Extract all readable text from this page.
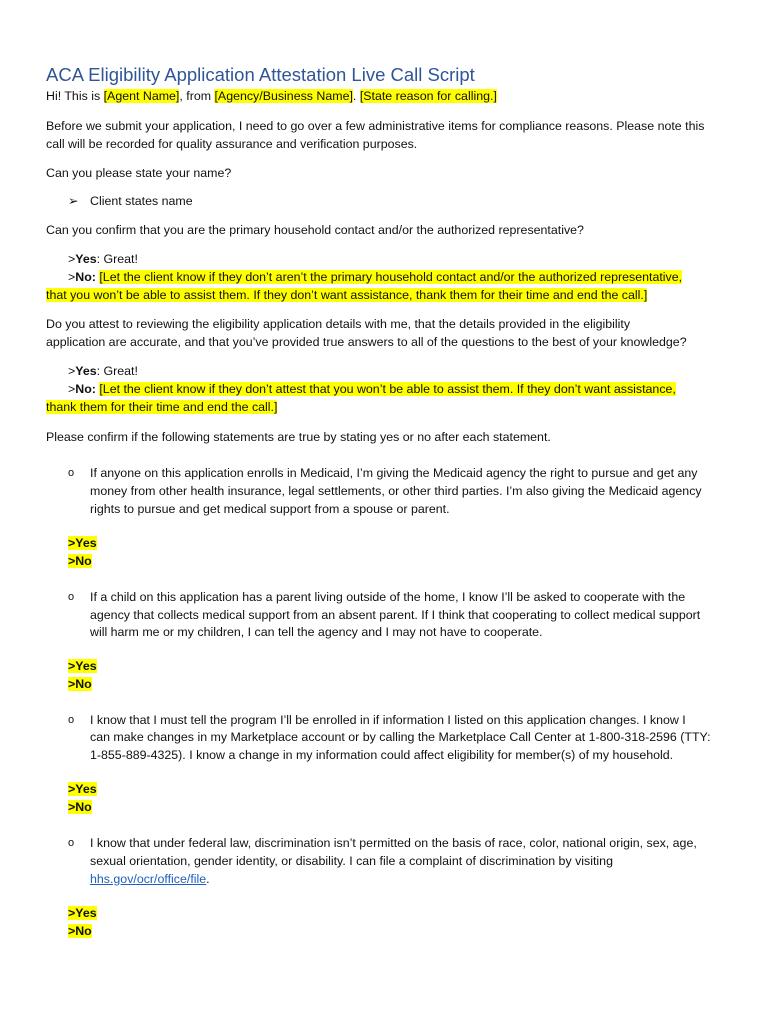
ACA Eligibility Application Attestation Live Call Script

Hi! This is [Agent Name], from [Agency/Business Name]. [State reason for calling.]

Before we submit your application, I need to go over a few administrative items for compliance reasons. Please note this

call will be recorded for quality assurance and verification purposes.

Can you please state your name?

➢ Client states name

Can you confirm that you are the primary household contact and/or the authorized representative?

>Yes: Great!

>No: [Let the client know if they don’t aren’t the primary household contact and/or the authorized representative,

that you won’t be able to assist them. If they don’t want assistance, thank them for their time and end the call.]

Do you attest to reviewing the eligibility application details with me, that the details provided in the eligibility

application are accurate, and that you’ve provided true answers to all of the questions to the best of your knowledge?

>Yes: Great!

>No: [Let the client know if they don’t attest that you won’t be able to assist them. If they don’t want assistance,

thank them for their time and end the call.]

Please confirm if the following statements are true by stating yes or no after each statement.

o If anyone on this application enrolls in Medicaid, I’m giving the Medicaid agency the right to pursue and get any

money from other health insurance, legal settlements, or other third parties. I’m also giving the Medicaid agency

rights to pursue and get medical support from a spouse or parent.

>Yes

>No

o If a child on this application has a parent living outside of the home, I know I’ll be asked to cooperate with the

agency that collects medical support from an absent parent. If I think that cooperating to collect medical support

will harm me or my children, I can tell the agency and I may not have to cooperate.

>Yes

>No

o I know that I must tell the program I’ll be enrolled in if information I listed on this application changes. I know I

can make changes in my Marketplace account or by calling the Marketplace Call Center at 1-800-318-2596 (TTY:

1-855-889-4325). I know a change in my information could affect eligibility for member(s) of my household.

>Yes

>No

o I know that under federal law, discrimination isn’t permitted on the basis of race, color, national origin, sex, age,

sexual orientation, gender identity, or disability. I can file a complaint of discrimination by visiting

hhs.gov/ocr/office/file.

>Yes

>No
